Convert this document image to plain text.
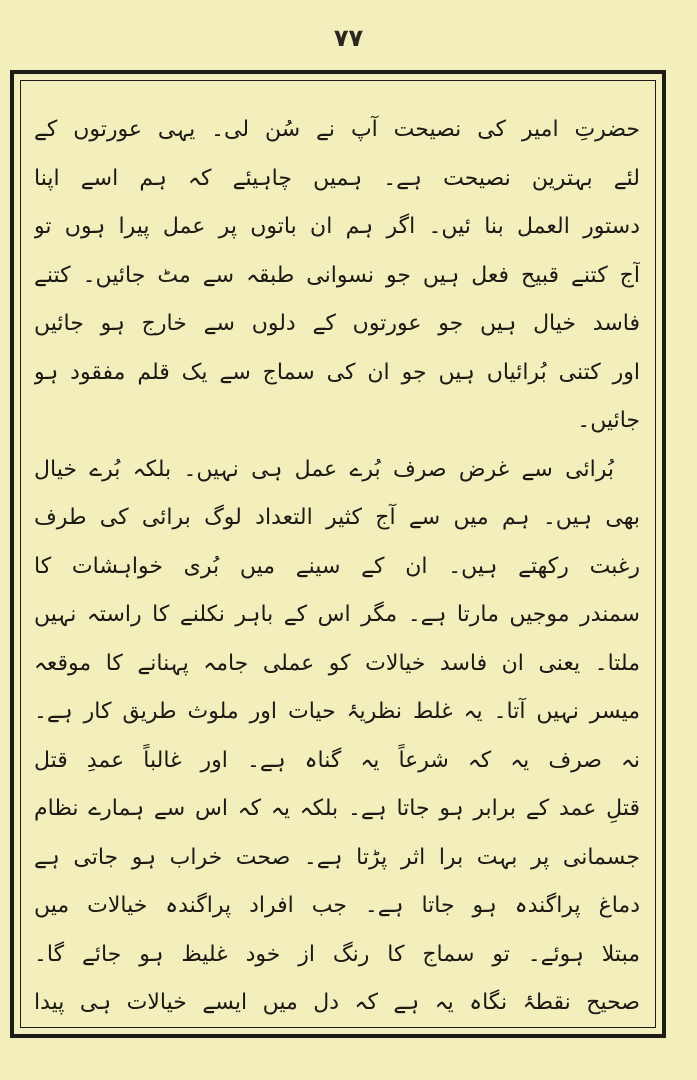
۷۷
حضرتِ امیر کی نصیحت آپ نے سُن لی۔ یہی عورتوں کے
لئے بہترین نصیحت ہے۔ ہمیں چاہیئے کہ ہم اسے اپنا
دستور العمل بنا ئیں۔ اگر ہم ان باتوں پر عمل پیرا ہوں تو
آج کتنے قبیح فعل ہیں جو نسوانی طبقہ سے مٹ جائیں۔ کتنے
فاسد خیال ہیں جو عورتوں کے دلوں سے خارج ہو جائیں
اور کتنی بُرائیاں ہیں جو ان کی سماج سے یک قلم مفقود ہو
جائیں۔
بُرائی سے غرض صرف بُرے عمل ہی نہیں۔ بلکہ بُرے خیال
بھی ہیں۔ ہم میں سے آج کثیر التعداد لوگ برائی کی طرف
رغبت رکھتے ہیں۔ ان کے سینے میں بُری خواہشات کا
سمندر موجیں مارتا ہے۔ مگر اس کے باہر نکلنے کا راستہ نہیں
ملتا۔ یعنی ان فاسد خیالات کو عملی جامہ پہنانے کا موقعہ
میسر نہیں آتا۔ یہ غلط نظریۂ حیات اور ملوث طریق کار ہے۔
نہ صرف یہ کہ شرعاً یہ گناہ ہے۔ اور غالباً عمدِ قتل
قتلِ عمد کے برابر ہو جاتا ہے۔ بلکہ یہ کہ اس سے ہمارے نظام
جسمانی پر بہت برا اثر پڑتا ہے۔ صحت خراب ہو جاتی ہے
دماغ پراگندہ ہو جاتا ہے۔ جب افراد پراگندہ خیالات میں
مبتلا ہوئے۔ تو سماج کا رنگ از خود غلیظ ہو جائے گا۔
صحیح نقطۂ نگاہ یہ ہے کہ دل میں ایسے خیالات ہی پیدا
